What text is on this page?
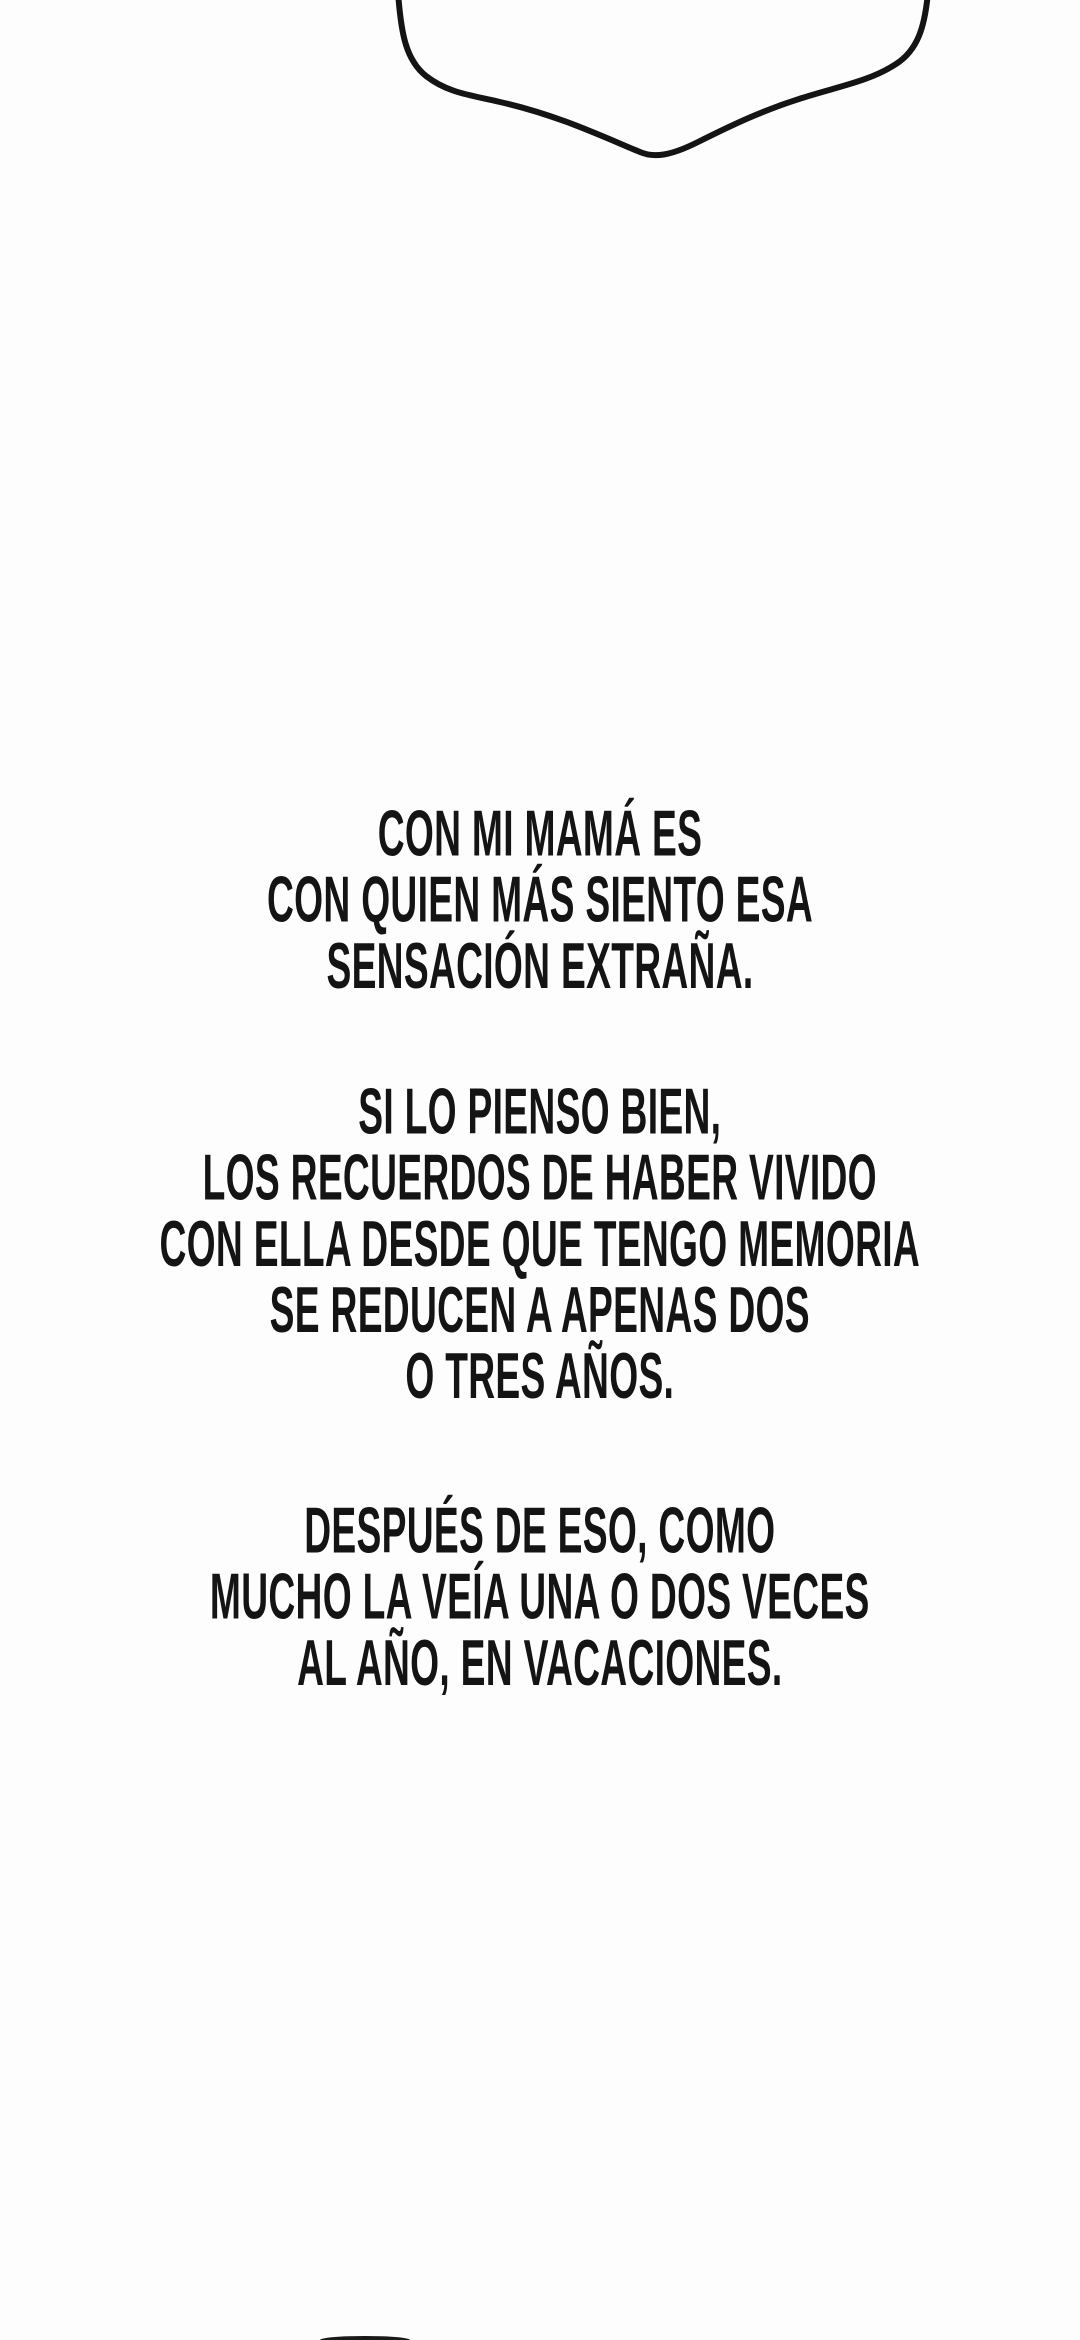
CON MI MAMÁ ES
CON QUIEN MÁS SIENTO ESA
SENSACIÓN EXTRAÑA.
SI LO PIENSO BIEN,
LOS RECUERDOS DE HABER VIVIDO
CON ELLA DESDE QUE TENGO MEMORIA
SE REDUCEN A APENAS DOS
O TRES AÑOS.
DESPUÉS DE ESO, COMO
MUCHO LA VEÍA UNA O DOS VECES
AL AÑO, EN VACACIONES.
